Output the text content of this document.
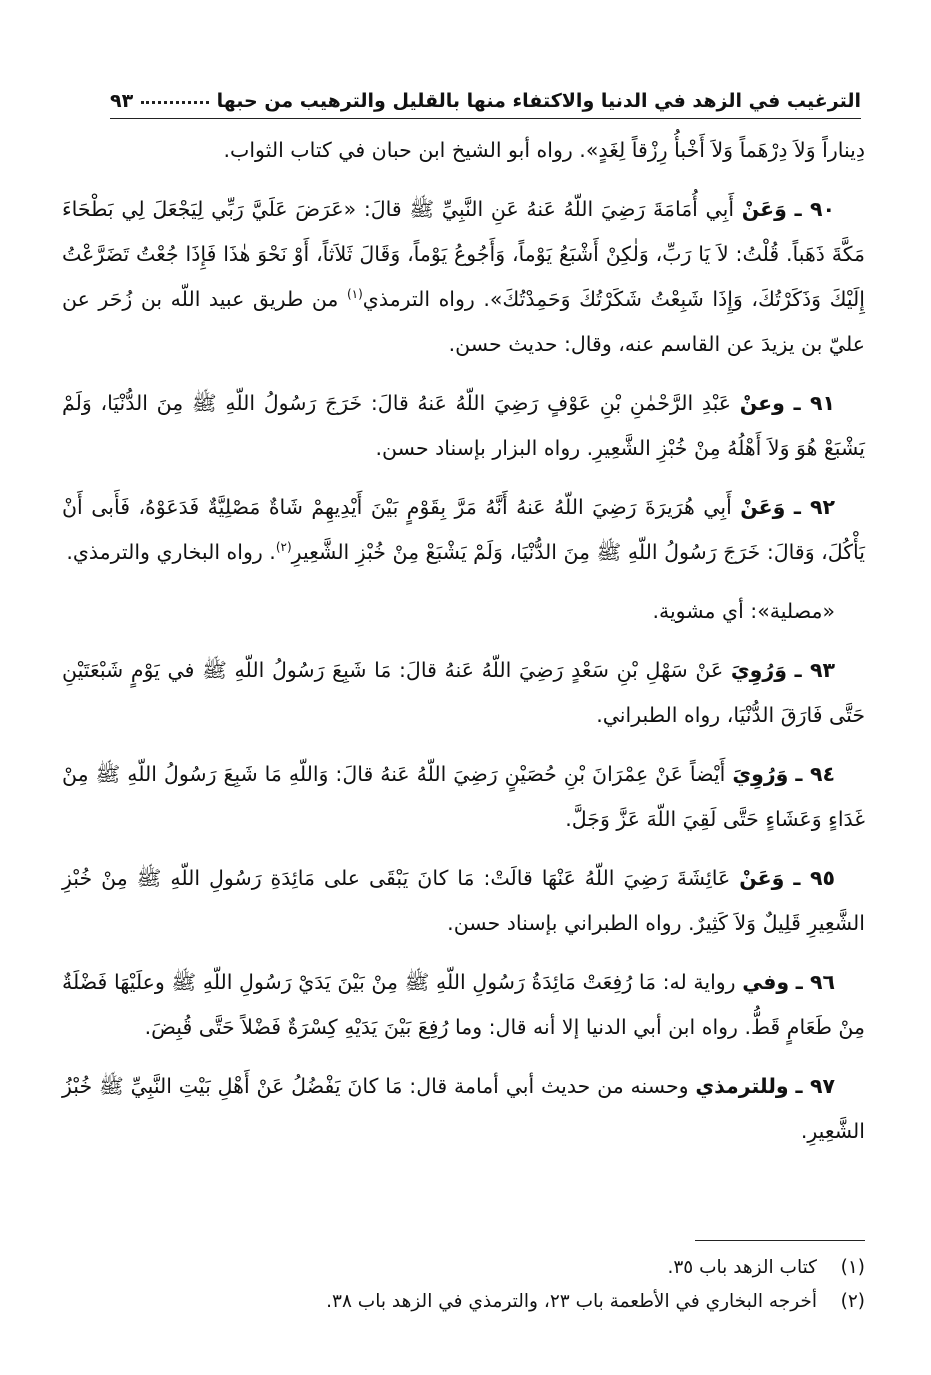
الترغيب في الزهد في الدنيا والاكتفاء منها بالقليل والترهيب من حبها
٩٣

دِيناراً وَلاَ دِرْهَماً وَلاَ أَخْبأُ رِزْقاً لِغَدٍ». رواه أبو الشيخ ابن حبان في كتاب الثواب.

٩٠ ـ وَعَنْ أَبِي أُمَامَةَ رَضِيَ اللّهُ عَنهُ عَنِ النَّبِيِّ ﷺ قالَ: «عَرَضَ عَلَيَّ رَبِّي لِيَجْعَلَ لِي بَطْحَاءَ مَكَّةَ ذَهَباً. قُلْتُ: لاَ يَا رَبِّ، وَلٰكِنْ أَشْبَعُ يَوْماً، وَأَجُوعُ يَوْماً، وَقَالَ ثَلاَثاً، أَوْ نَحْوَ هٰذَا فَإِذَا جُعْتُ تَضَرَّعْتُ إِلَيْكَ وَذَكَرْتُكَ، وَإِذَا شَبِعْتُ شَكَرْتُكَ وَحَمِدْتُكَ». رواه الترمذي$^{(١)}$ من طريق عبيد اللّه بن زُحَر عن عليّ بن يزيدَ عن القاسم عنه، وقال: حديث حسن.

٩١ ـ وعنْ عَبْدِ الرَّحْمٰنِ بْنِ عَوْفٍ رَضِيَ اللّهُ عَنهُ قالَ: خَرَجَ رَسُولُ اللّهِ ﷺ مِنَ الدُّنْيَا، وَلَمْ يَشْبَعْ هُوَ وَلاَ أَهْلُهُ مِنْ خُبْزِ الشَّعِيرِ. رواه البزار بإسناد حسن.

٩٢ ـ وَعَنْ أَبِي هُرَيرَةَ رَضِيَ اللّهُ عَنهُ أَنَّهُ مَرَّ بِقَوْمٍ بَيْنَ أَيْدِيهِمْ شَاةٌ مَصْلِيَّةٌ فَدَعَوْهُ، فَأَبى أَنْ يَأْكُلَ، وَقالَ: خَرَجَ رَسُولُ اللّهِ ﷺ مِنَ الدُّنْيَا، وَلَمْ يَشْبَعْ مِنْ خُبْزِ الشَّعِيرِ$^{(٢)}$. رواه البخاري والترمذي.

«مصلية»: أي مشوية.

٩٣ ـ وَرُوِيَ عَنْ سَهْلِ بْنِ سَعْدٍ رَضِيَ اللّهُ عَنهُ قالَ: مَا شَبِعَ رَسُولُ اللّهِ ﷺ في يَوْمٍ شَبْعَتَيْنِ حَتَّى فَارَقَ الدُّنْيَا، رواه الطبراني.

٩٤ ـ وَرُوِيَ أَيْضاً عَنْ عِمْرَانَ بْنِ حُصَيْنٍ رَضِيَ اللّهُ عَنهُ قالَ: وَاللّهِ مَا شَبِعَ رَسُولُ اللّهِ ﷺ مِنْ غَدَاءٍ وَعَشَاءٍ حَتَّى لَقِيَ اللّهَ عَزَّ وَجَلَّ.

٩٥ ـ وَعَنْ عَائِشَةَ رَضِيَ اللّهُ عَنْهَا قالَتْ: مَا كانَ يَبْقَى على مَائِدَةِ رَسُولِ اللّهِ ﷺ مِنْ خُبْزِ الشَّعِيرِ قَلِيلٌ وَلاَ كَثِيرٌ. رواه الطبراني بإسناد حسن.

٩٦ ـ وفي رواية له: مَا رُفِعَتْ مَائِدَةُ رَسُولِ اللّهِ ﷺ مِنْ بَيْنَ يَدَيْ رَسُولِ اللّهِ ﷺ وعلَيْهَا فَضْلَةٌ مِنْ طَعَامٍ قَطُّ. رواه ابن أبي الدنيا إلا أنه قال: وما رُفِعَ بَيْنَ يَدَيْهِ كِسْرَةٌ فَضْلاً حَتَّى قُبِضَ.

٩٧ ـ وللترمذي وحسنه من حديث أبي أمامة قال: مَا كانَ يَفْضُلُ عَنْ أَهْلِ بَيْتِ النَّبِيِّ ﷺ خُبْزُ الشَّعِيرِ.

(١)
كتاب الزهد باب ٣٥.
(٢)
أخرجه البخاري في الأطعمة باب ٢٣، والترمذي في الزهد باب ٣٨.
